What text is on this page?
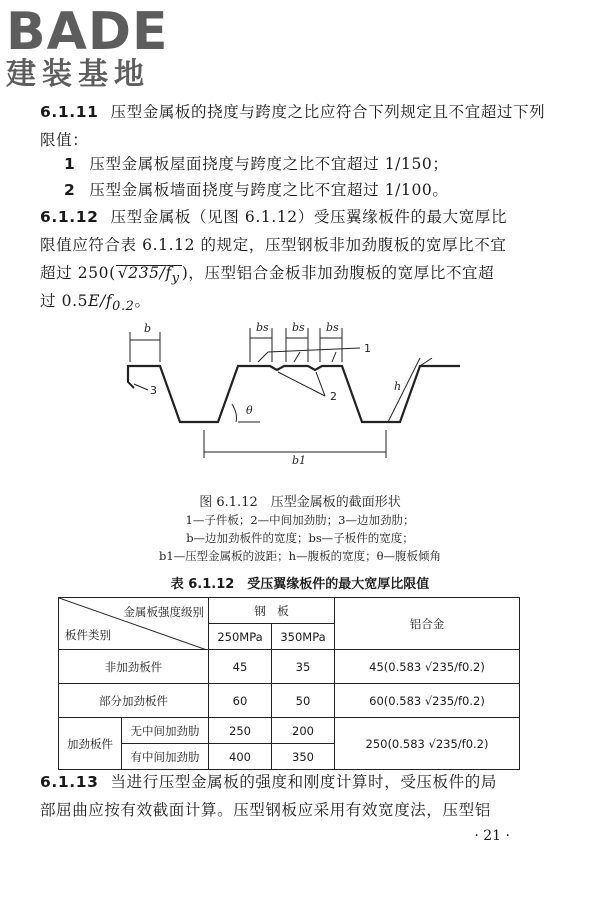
BADE
建装基地
6.1.11 压型金属板的挠度与跨度之比应符合下列规定且不宜超过下列限值：
1 压型金属板屋面挠度与跨度之比不宜超过 1/150；
2 压型金属板墙面挠度与跨度之比不宜超过 1/100。
6.1.12 压型金属板（见图 6.1.12）受压翼缘板件的最大宽厚比
限值应符合表 6.1.12 的规定，压型钢板非加劲腹板的宽厚比不宜
超过 250( $√235/f_y$ )，压型铝合金板非加劲腹板的宽厚比不宜超
过 $0.5E/f_{0.2}$。
b	bs bs bs
h
θ
b1
1
2
3
图 6.1.12　压型金属板的截面形状
1—子件板；2—中间加劲肋；3—边加劲肋；
b—边加劲板件的宽度；bs—子板件的宽度；
b1—压型金属板的波距；h—腹板的宽度；θ—腹板倾角
表 6.1.12　受压翼缘板件的最大宽厚比限值
金属板强度级别
板件类别		钢　板		铝合金
		250MPa	350MPa	
非加劲板件		45	35	45(0.583 √235/f0.2)
部分加劲板件		60	50	60(0.583 √235/f0.2)
加劲板件	无中间加劲肋	250	200	250(0.583 √235/f0.2)
	有中间加劲肋	400	350	
6.1.13 当进行压型金属板的强度和刚度计算时，受压板件的局
部屈曲应按有效截面计算。压型钢板应采用有效宽度法，压型铝
· 21 ·
